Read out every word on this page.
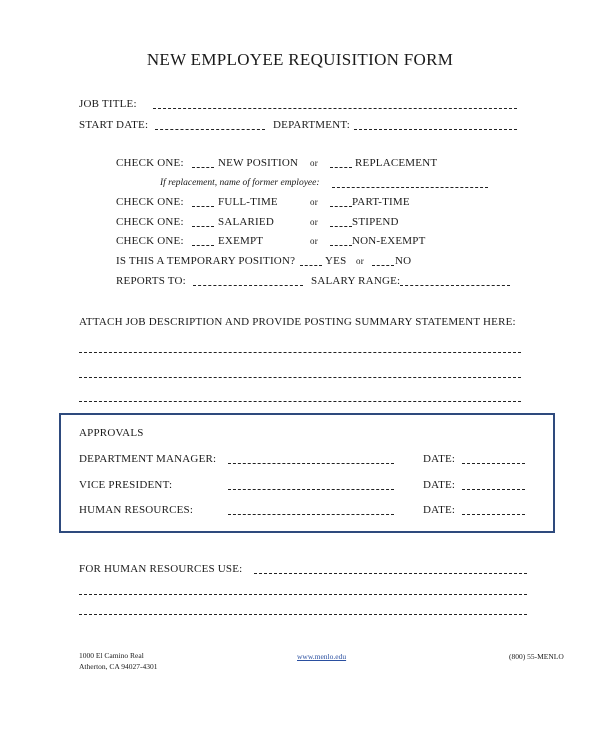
NEW EMPLOYEE REQUISITION FORM
JOB TITLE:
START DATE:	DEPARTMENT:
CHECK ONE:	NEW POSITION or	REPLACEMENT
If replacement, name of former employee:
CHECK ONE:	FULL-TIME	or	PART-TIME
CHECK ONE:	SALARIED	or	STIPEND
CHECK ONE:	EXEMPT	or	NON-EXEMPT
IS THIS A TEMPORARY POSITION?	YES or	NO
REPORTS TO:	SALARY RANGE:
ATTACH JOB DESCRIPTION AND PROVIDE POSTING SUMMARY STATEMENT HERE:
APPROVALS
DEPARTMENT MANAGER:	DATE:
VICE PRESIDENT:	DATE:
HUMAN RESOURCES:	DATE:
FOR HUMAN RESOURCES USE:
1000 El Camino Real
Atherton, CA 94027-4301
www.menlo.edu	(800) 55-MENLO
